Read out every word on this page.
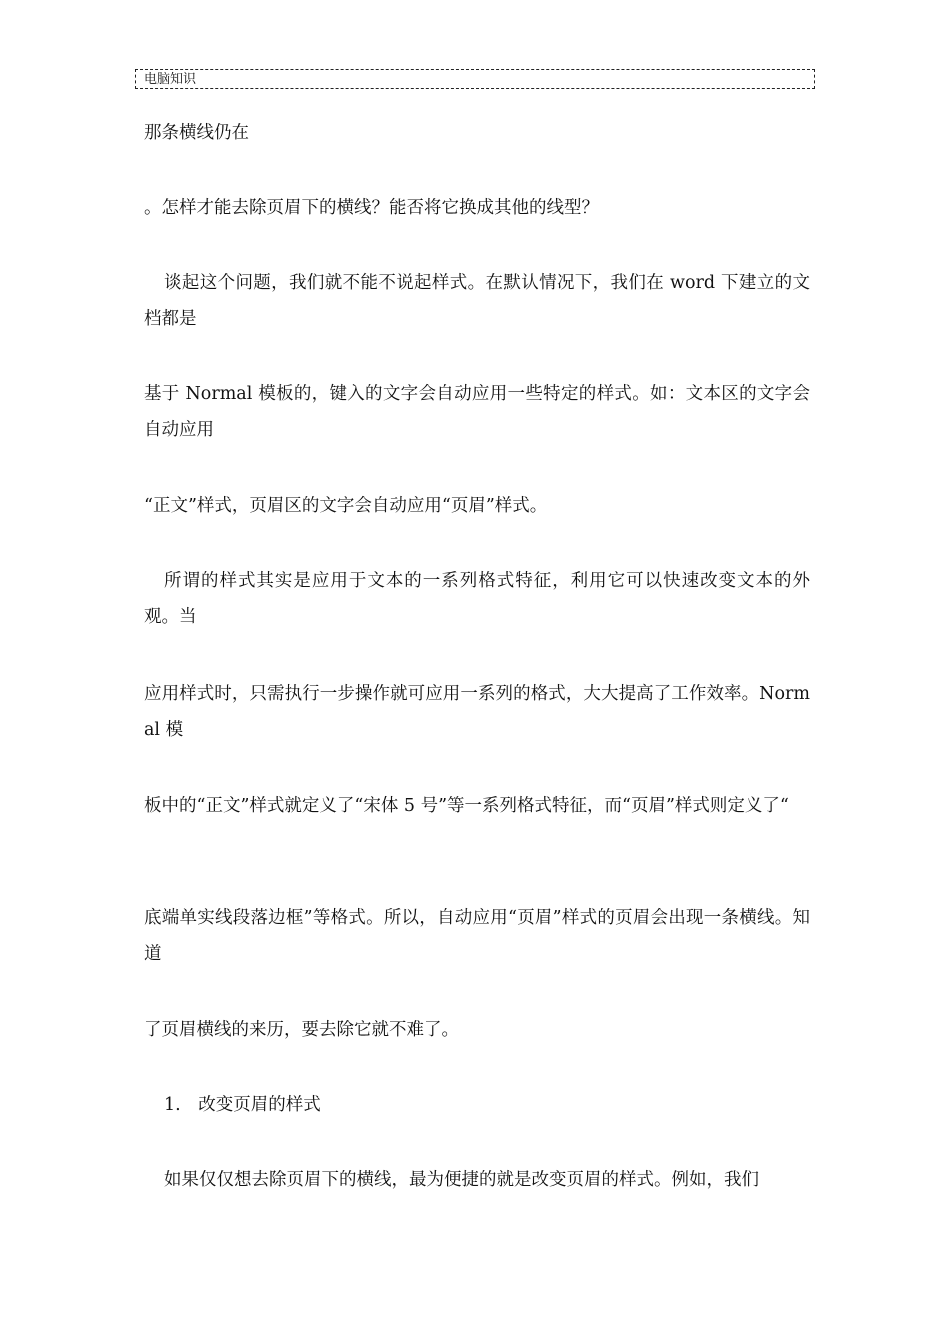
电脑知识

那条横线仍在

。怎样才能去除页眉下的横线？能否将它换成其他的线型？

谈起这个问题，我们就不能不说起样式。在默认情况下，我们在 word 下建立的文档都是

基于 Normal 模板的，键入的文字会自动应用一些特定的样式。如：文本区的文字会自动应用

“正文”样式，页眉区的文字会自动应用“页眉”样式。

所谓的样式其实是应用于文本的一系列格式特征，利用它可以快速改变文本的外观。当

应用样式时，只需执行一步操作就可应用一系列的格式，大大提高了工作效率。Normal 模

板中的“正文”样式就定义了“宋体 5 号”等一系列格式特征，而“页眉”样式则定义了“

底端单实线段落边框”等格式。所以，自动应用“页眉”样式的页眉会出现一条横线。知道

了页眉横线的来历，要去除它就不难了。

1.　改变页眉的样式

如果仅仅想去除页眉下的横线，最为便捷的就是改变页眉的样式。例如，我们
